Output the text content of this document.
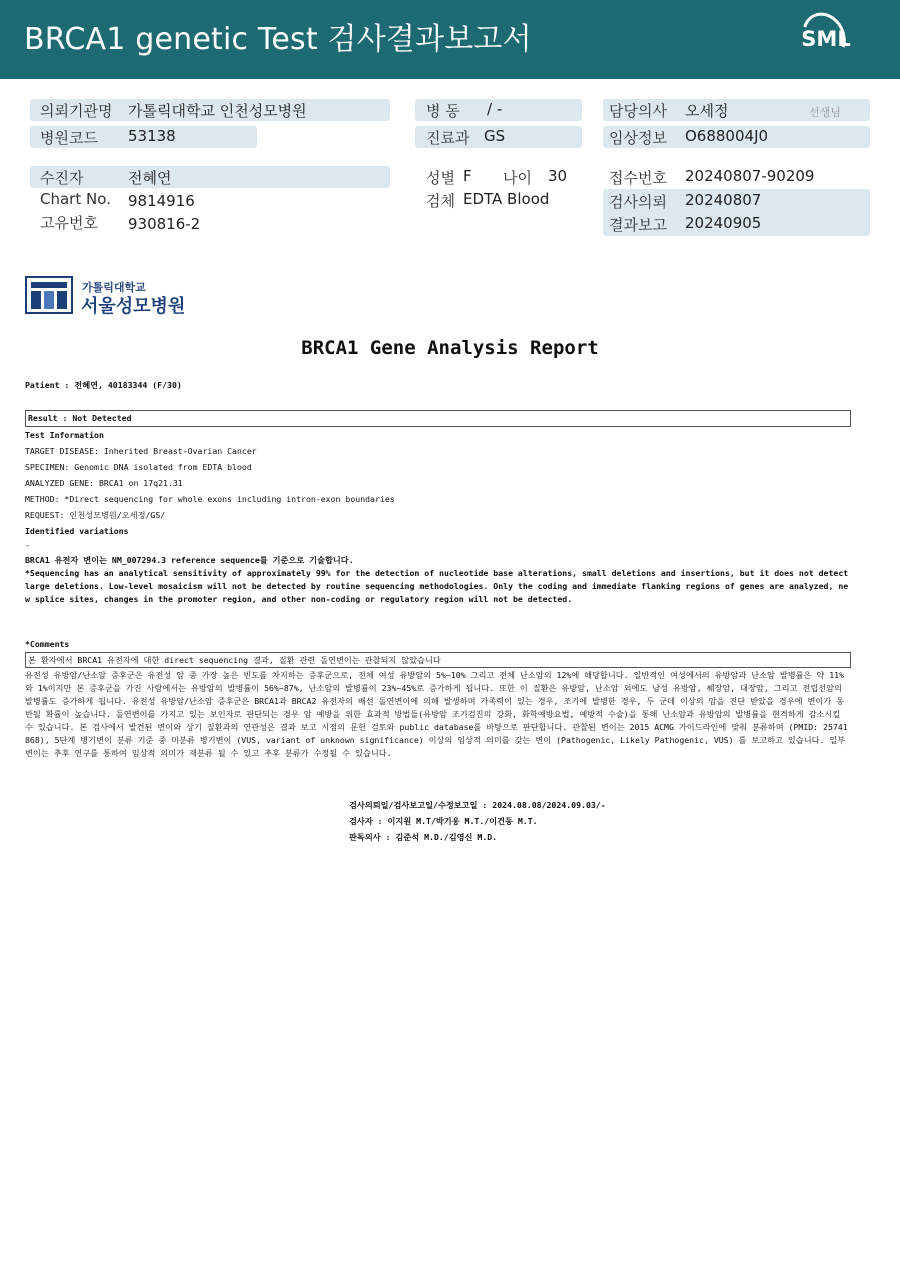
BRCA1 genetic Test 검사결과보고서	SML
의뢰기관명 가톨릭대학교 인천성모병원
병원코드 53138
병 동 / -
진료과 GS
담당의사 오세정	선생님
임상정보 O688004J0
수진자	전혜연
Chart No. 9814916
고유번호 930816-2
성별 F 나이 30
검체 EDTA Blood
접수번호 20240807-90209
검사의뢰 20240807
결과보고 20240905
가톨릭대학교
서울성모병원
BRCA1 Gene Analysis Report
Patient : 전혜연, 40183344 (F/30)
Result : Not Detected
Test Information
TARGET DISEASE: Inherited Breast-Ovarian Cancer
SPECIMEN: Genomic DNA isolated from EDTA blood
ANALYZED GENE: BRCA1 on 17q21.31
METHOD: *Direct sequencing for whole exons including intron-exon boundaries
REQUEST: 인천성모병원/오세정/GS/
Identified variations
-
BRCA1 유전자 변이는 NM_007294.3 reference sequence를 기준으로 기술합니다.
*Sequencing has an analytical sensitivity of approximately 99% for the detection of nucleotide base alterations, small deletions and insertions, but it does not detect large deletions. Low-level mosaicism will not be detected by routine sequencing methodologies. Only the coding and immediate flanking regions of genes are analyzed, new splice sites, changes in the promoter region, and other non-coding or regulatory region will not be detected.
*Comments
본 환자에서 BRCA1 유전자에 대한 direct sequencing 결과, 질환 관련 돌연변이는 관찰되지 않았습니다
유전성 유방암/난소암 증후군은 유전성 암 중 가장 높은 빈도를 차지하는 증후군으로, 전체 여성 유방암의 5%~10% 그리고 전체 난소암의 12%에 해당합니다. 일반적인 여성에서의 유방암과 난소암 발병률은 약 11% 와 1%이지만 본 증후군을 가진 사람에서는 유방암의 발병률이 56%~87%, 난소암의 발병률이 23%~45%로 증가하게 됩니다. 또한 이 질환은 유방암, 난소암 외에도 남성 유방암, 췌장암, 대장암, 그리고 전립선암의 발병률도 증가하게 됩니다. 유전성 유방암/난소암 증후군은 BRCA1과 BRCA2 유전자의 배선 돌연변이에 의해 발생하며 가족력이 있는 경우, 조기에 발병한 경우, 두 군데 이상의 암을 진단 받았을 경우에 변이가 동반될 확률이 높습니다. 돌연변이를 가지고 있는 보인자로 판단되는 경우 암 예방을 위한 효과적 방법들(유방암 조기검진의 강화, 화학예방요법, 예방적 수술)을 통해 난소암과 유방암의 발병률을 현격하게 감소시킬 수 있습니다. 본 검사에서 발견된 변이와 상기 질환과의 연관성은 결과 보고 시점의 문헌 검토와 public database를 바탕으로 판단합니다. 관찰된 변이는 2015 ACMG 가이드라인에 맞춰 분류하며 (PMID: 25741868), 5단계 병기변이 분류 기준 중 미분류 병기변이 (VUS, variant of unknown significance) 이상의 임상적 의미를 갖는 변이 (Pathogenic, Likely Pathogenic, VUS) 를 보고하고 있습니다. 일부 변이는 추후 연구를 통하여 임상적 의미가 재분류 될 수 있고 추후 분류가 수정될 수 있습니다.
검사의뢰일/검사보고일/수정보고일 : 2024.08.08/2024.09.03/-
검사자 : 이지원 M.T/박기웅 M.T./이건동 M.T.
판독의사 : 김준석 M.D./김영신 M.D.
